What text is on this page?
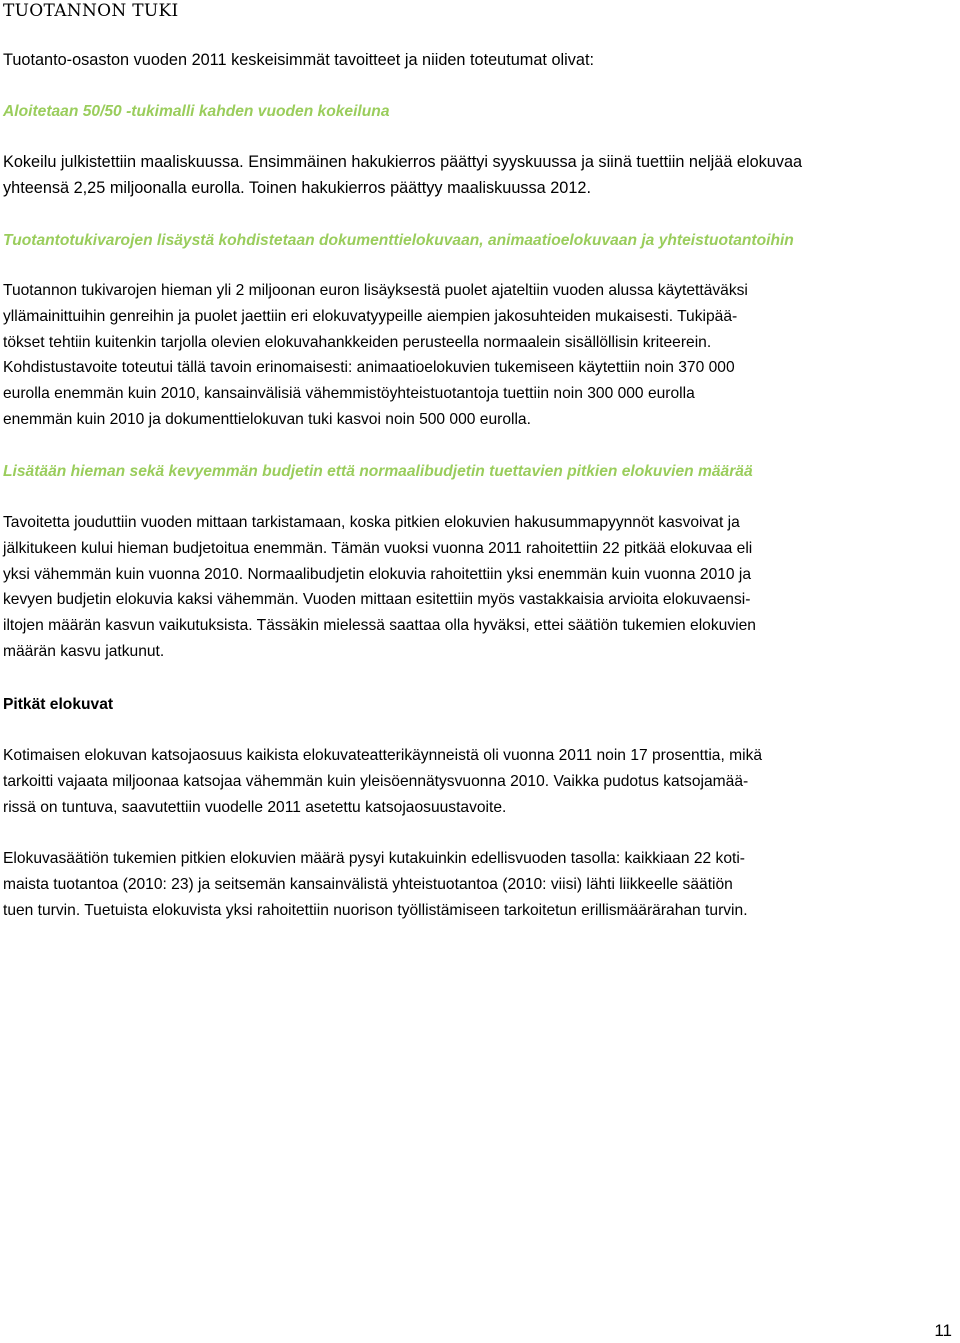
TUOTANNON TUKI
Tuotanto-osaston vuoden 2011 keskeisimmät tavoitteet ja niiden toteutumat olivat:
Aloitetaan 50/50 -tukimalli kahden vuoden kokeiluna
Kokeilu julkistettiin maaliskuussa. Ensimmäinen hakukierros päättyi syyskuussa ja siinä tuettiin neljää elokuvaa
yhteensä 2,25 miljoonalla eurolla. Toinen hakukierros päättyy maaliskuussa 2012.
Tuotantotukivarojen lisäystä kohdistetaan dokumenttielokuvaan, animaatioelokuvaan ja yhteistuotantoihin
Tuotannon tukivarojen hieman yli 2 miljoonan euron lisäyksestä puolet ajateltiin vuoden alussa käytettäväksi
yllämainittuihin genreihin ja puolet jaettiin eri elokuvatyypeille aiempien jakosuhteiden mukaisesti. Tukipää-
tökset tehtiin kuitenkin tarjolla olevien elokuvahankkeiden perusteella normaalein sisällöllisin kriteerein.
Kohdistustavoite toteutui tällä tavoin erinomaisesti: animaatioelokuvien tukemiseen käytettiin noin 370 000
eurolla enemmän kuin 2010, kansainvälisiä vähemmistöyhteistuotantoja tuettiin noin 300 000 eurolla
enemmän kuin 2010 ja dokumenttielokuvan tuki kasvoi noin 500 000 eurolla.
Lisätään hieman sekä kevyemmän budjetin että normaalibudjetin tuettavien pitkien elokuvien määrää
Tavoitetta jouduttiin vuoden mittaan tarkistamaan, koska pitkien elokuvien hakusummapyynnöt kasvoivat ja
jälkitukeen kului hieman budjetoitua enemmän. Tämän vuoksi vuonna 2011 rahoitettiin 22 pitkää elokuvaa eli
yksi vähemmän kuin vuonna 2010. Normaalibudjetin elokuvia rahoitettiin yksi enemmän kuin vuonna 2010 ja
kevyen budjetin elokuvia kaksi vähemmän. Vuoden mittaan esitettiin myös vastakkaisia arvioita elokuvaensi-
iltojen määrän kasvun vaikutuksista. Tässäkin mielessä saattaa olla hyväksi, ettei säätiön tukemien elokuvien
määrän kasvu jatkunut.
Pitkät elokuvat
Kotimaisen elokuvan katsojaosuus kaikista elokuvateatterikäynneistä oli vuonna 2011 noin 17 prosenttia, mikä
tarkoitti vajaata miljoonaa katsojaa vähemmän kuin yleisöennätysvuonna 2010. Vaikka pudotus katsojamää-
rissä on tuntuva, saavutettiin vuodelle 2011 asetettu katsojaosuustavoite.
Elokuvasäätiön tukemien pitkien elokuvien määrä pysyi kutakuinkin edellisvuoden tasolla: kaikkiaan 22 koti-
maista tuotantoa (2010: 23) ja seitsemän kansainvälistä yhteistuotantoa (2010: viisi) lähti liikkeelle säätiön
tuen turvin. Tuetuista elokuvista yksi rahoitettiin nuorison työllistämiseen tarkoitetun erillismäärärahan turvin.
11
